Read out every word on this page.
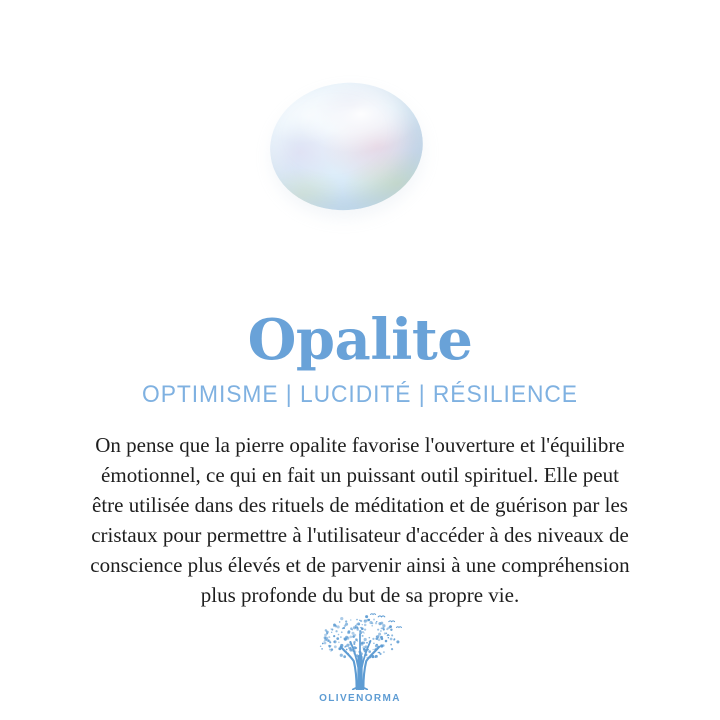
Opalite
OPTIMISME | LUCIDITÉ | RÉSILIENCE
On pense que la pierre opalite favorise l'ouverture et l'équilibre
émotionnel, ce qui en fait un puissant outil spirituel. Elle peut
être utilisée dans des rituels de méditation et de guérison par les
cristaux pour permettre à l'utilisateur d'accéder à des niveaux de
conscience plus élevés et de parvenir ainsi à une compréhension
plus profonde du but de sa propre vie.
OLIVENORMA
